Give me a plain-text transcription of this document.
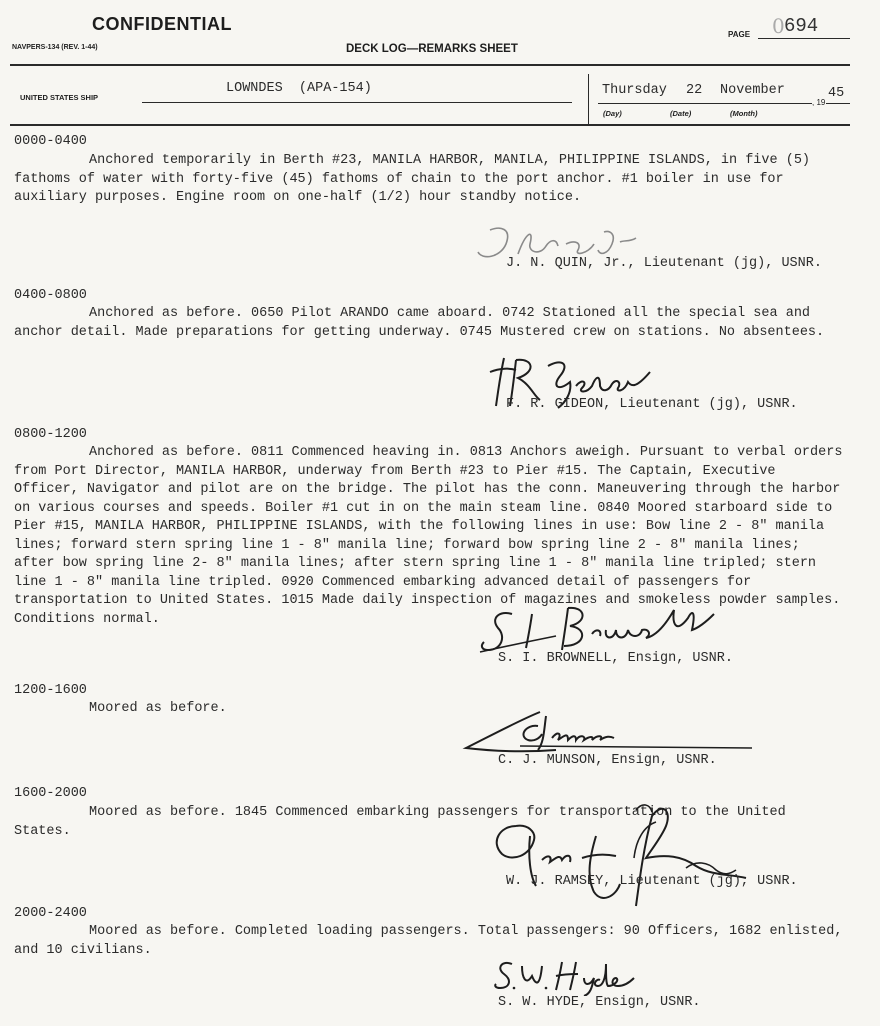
CONFIDENTIAL
NAVPERS-134 (REV. 1-44)	DECK LOG—REMARKS SHEET
PAGE 0 694
UNITED STATES SHIP
LOWNDES  (APA-154)	Thursday 22 November	45
, 19
(Day)	(Date)	(Month)
0000-0400
Anchored temporarily in Berth #23, MANILA HARBOR, MANILA, PHILIPPINE ISLANDS, in five (5) fathoms of water with forty-five (45) fathoms of chain to the port anchor. #1 boiler in use for auxiliary purposes. Engine room on one-half (1/2) hour standby notice.
J. N. QUIN, Jr., Lieutenant (jg), USNR.
0400-0800
Anchored as before. 0650 Pilot ARANDO came aboard. 0742 Stationed all the special sea and anchor detail. Made preparations for getting underway. 0745 Mustered crew on stations. No absentees.
F. R. GIDEON, Lieutenant (jg), USNR.
0800-1200
Anchored as before. 0811 Commenced heaving in. 0813 Anchors aweigh. Pursuant to verbal orders from Port Director, MANILA HARBOR, underway from Berth #23 to Pier #15. The Captain, Executive Officer, Navigator and pilot are on the bridge. The pilot has the conn. Maneuvering through the harbor on various courses and speeds. Boiler #1 cut in on the main steam line. 0840 Moored starboard side to Pier #15, MANILA HARBOR, PHILIPPINE ISLANDS, with the following lines in use: Bow line 2 - 8" manila lines; forward stern spring line 1 - 8" manila line; forward bow spring line 2 - 8" manila lines; after bow spring line 2- 8" manila lines; after stern spring line 1 - 8" manila line tripled; stern line 1 - 8" manila line tripled. 0920 Commenced embarking advanced detail of passengers for transportation to United States. 1015 Made daily inspection of magazines and smokeless powder samples. Conditions normal.
S. I. BROWNELL, Ensign, USNR.
1200-1600
Moored as before.
C. J. MUNSON, Ensign, USNR.
1600-2000
Moored as before. 1845 Commenced embarking passengers for transportation to the United States.
W. J. RAMSEY, Lieutenant (jg), USNR.
2000-2400
Moored as before. Completed loading passengers. Total passengers: 90 Officers, 1682 enlisted, and 10 civilians.
S. W. HYDE, Ensign, USNR.
